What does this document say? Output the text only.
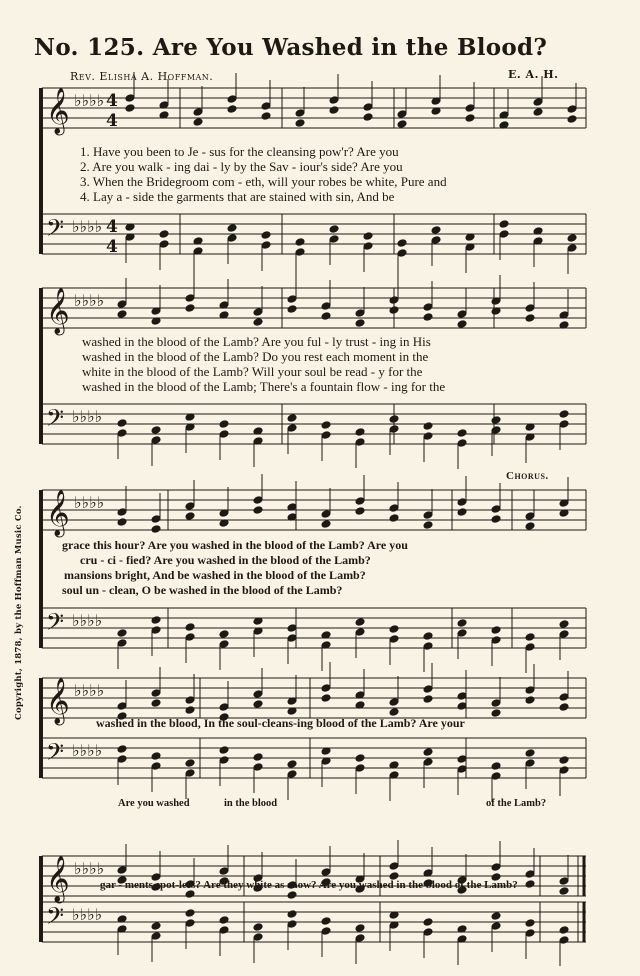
No. 125. Are You Washed in the Blood?
Rev. Elisha A. Hoffman.	E. A. H.
Copyright, 1878, by the Hoffman Music Co.
𝄞
𝄢
𝄞
𝄢
𝄞
𝄢
𝄞
𝄢
𝄞
𝄢
♭♭♭♭
♭♭♭♭
♭♭♭♭
♭♭♭♭
♭♭♭♭
♭♭♭♭
♭♭♭♭
♭♭♭♭
♭♭♭♭
♭♭♭♭
4
4
4
4
1. Have you been to Je - sus for the cleansing pow'r? Are you
2. Are you walk - ing dai - ly by the Sav - iour's side? Are you
3. When the Bridegroom com - eth, will your robes be white, Pure and
4. Lay a - side the garments that are stained with sin, And be
washed in the blood of the Lamb? Are you ful - ly trust - ing in His
washed in the blood of the Lamb? Do you rest each moment in the
white in the blood of the Lamb? Will your soul be read - y for the
washed in the blood of the Lamb; There's a fountain flow - ing for the
Chorus.
grace this hour? Are you washed in the blood of the Lamb? Are you
cru - ci - fied? Are you washed in the blood of the Lamb?
mansions bright, And be washed in the blood of the Lamb?
soul un - clean, O be washed in the blood of the Lamb?
washed in the blood, In the soul-cleans-ing blood of the Lamb? Are your
Are you washed	in the blood	of the Lamb?
gar - ments spot-less? Are they white as snow? Are you washed in the blood of the Lamb?
